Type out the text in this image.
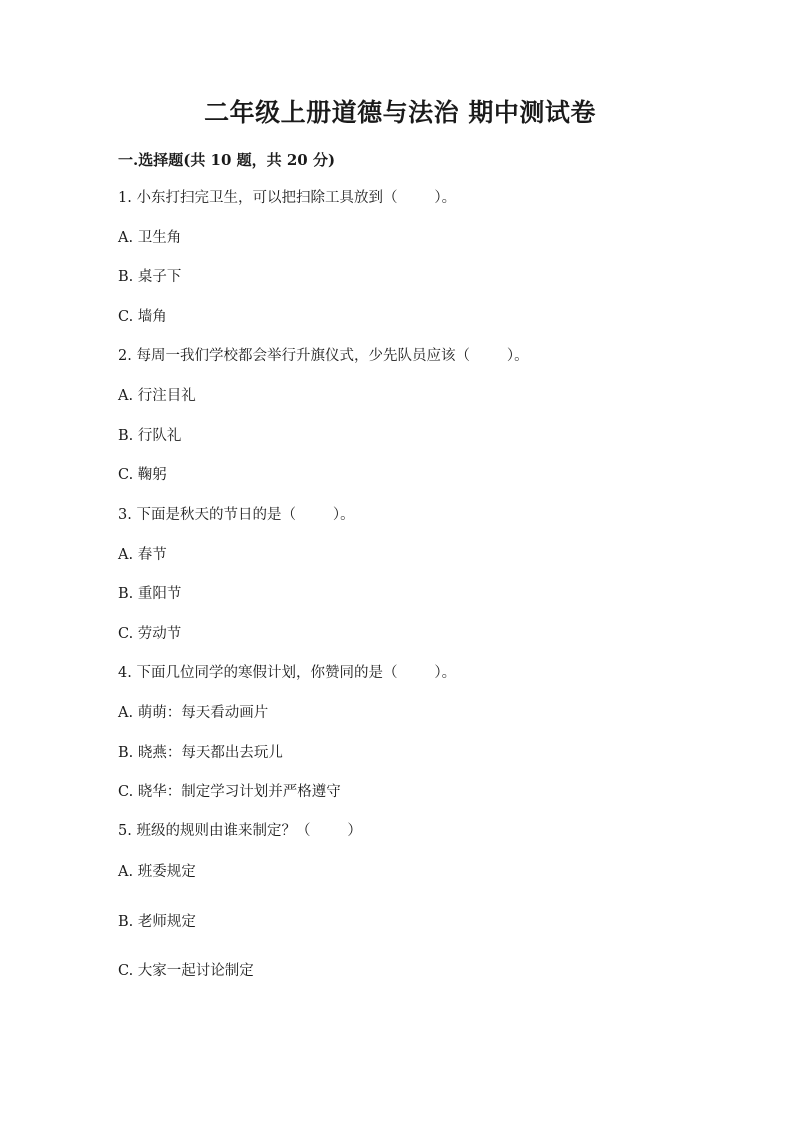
二年级上册道德与法治 期中测试卷
一.选择题(共 10 题，共 20 分)
1. 小东打扫完卫生，可以把扫除工具放到（        ）。
A. 卫生角
B. 桌子下
C. 墙角
2. 每周一我们学校都会举行升旗仪式，少先队员应该（        ）。
A. 行注目礼
B. 行队礼
C. 鞠躬
3. 下面是秋天的节日的是（        ）。
A. 春节
B. 重阳节
C. 劳动节
4. 下面几位同学的寒假计划，你赞同的是（        ）。
A. 萌萌：每天看动画片
B. 晓燕：每天都出去玩儿
C. 晓华：制定学习计划并严格遵守
5. 班级的规则由谁来制定？（        ）
A. 班委规定
B. 老师规定
C. 大家一起讨论制定
